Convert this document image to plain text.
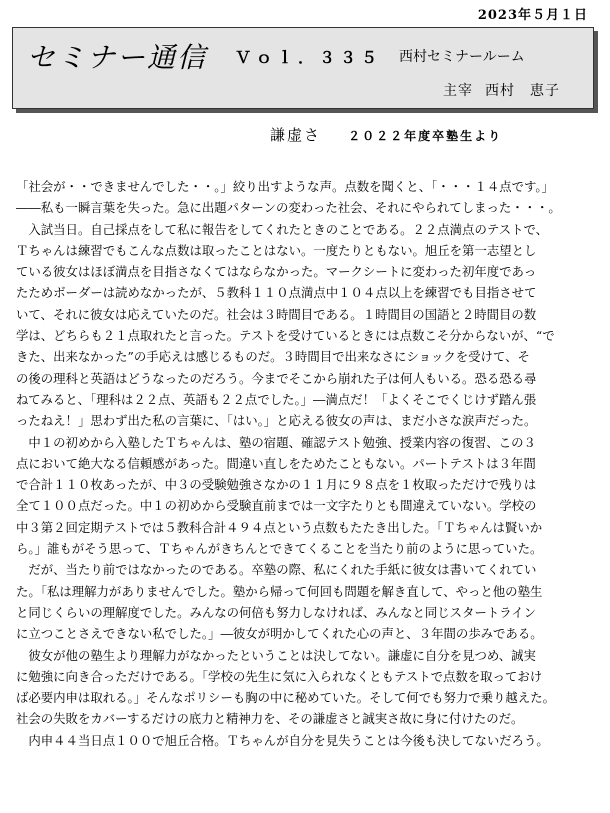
2023年５月１日
セミナー通信 Ｖｏｌ．３３５ 西村セミナールーム
主宰 西村　恵子
謙虚さ ２０２２年度卒塾生より
「社会が・・できませんでした・・。」絞り出すような声。点数を聞くと、「・・・１４点です。」
――私も一瞬言葉を失った。急に出題パターンの変わった社会、それにやられてしまった・・・。
　入試当日。自己採点をして私に報告をしてくれたときのことである。２２点満点のテストで、
Ｔちゃんは練習でもこんな点数は取ったことはない。一度たりともない。旭丘を第一志望とし
ている彼女はほぼ満点を目指さなくてはならなかった。マークシートに変わった初年度であっ
たためボーダーは読めなかったが、５教科１１０点満点中１０４点以上を練習でも目指させて
いて、それに彼女は応えていたのだ。社会は３時間目である。１時間目の国語と２時間目の数
学は、どちらも２１点取れたと言った。テストを受けているときには点数こそ分からないが、“で
きた、出来なかった”の手応えは感じるものだ。３時間目で出来なさにショックを受けて、そ
の後の理科と英語はどうなったのだろう。今までそこから崩れた子は何人もいる。恐る恐る尋
ねてみると、「理科は２２点、英語も２２点でした。」―満点だ！「よくそこでくじけず踏ん張
ったねえ！」思わず出た私の言葉に、「はい。」と応える彼女の声は、まだ小さな涙声だった。
　中１の初めから入塾したＴちゃんは、塾の宿題、確認テスト勉強、授業内容の復習、この３
点において絶大なる信頼感があった。間違い直しをためたこともない。パートテストは３年間
で合計１１０枚あったが、中３の受験勉強さなかの１１月に９８点を１枚取っただけで残りは
全て１００点だった。中１の初めから受験直前までは一文字たりとも間違えていない。学校の
中３第２回定期テストでは５教科合計４９４点という点数もたたき出した。「Ｔちゃんは賢いか
ら。」誰もがそう思って、Ｔちゃんがきちんとできてくることを当たり前のように思っていた。
　だが、当たり前ではなかったのである。卒塾の際、私にくれた手紙に彼女は書いてくれてい
た。「私は理解力がありませんでした。塾から帰って何回も問題を解き直して、やっと他の塾生
と同じくらいの理解度でした。みんなの何倍も努力しなければ、みんなと同じスタートライン
に立つことさえできない私でした。」―彼女が明かしてくれた心の声と、３年間の歩みである。
　彼女が他の塾生より理解力がなかったということは決してない。謙虚に自分を見つめ、誠実
に勉強に向き合っただけである。「学校の先生に気に入られなくともテストで点数を取っておけ
ば必要内申は取れる。」そんなポリシーも胸の中に秘めていた。そして何でも努力で乗り越えた。
社会の失敗をカバーするだけの底力と精神力を、その謙虚さと誠実さ故に身に付けたのだ。
　内申４４当日点１００で旭丘合格。Ｔちゃんが自分を見失うことは今後も決してないだろう。
